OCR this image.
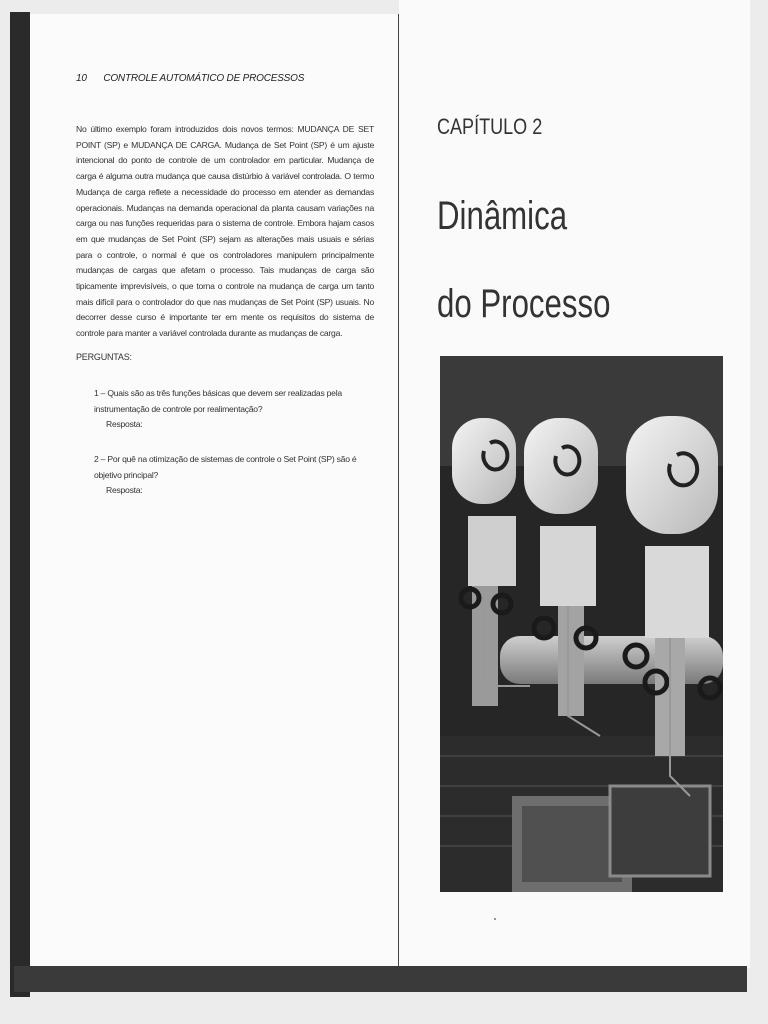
10 CONTROLE AUTOMÁTICO DE PROCESSOS
No último exemplo foram introduzidos dois novos termos: MUDANÇA DE SET POINT (SP) e MUDANÇA DE CARGA. Mudança de Set Point (SP) é um ajuste intencional do ponto de controle de um controlador em particular. Mudança de carga é alguma outra mudança que causa distúrbio à variável controlada. O termo Mudança de carga reflete a necessidade do processo em atender as demandas operacionais. Mudanças na demanda operacional da planta causam variações na carga ou nas funções requeridas para o sistema de controle. Embora hajam casos em que mudanças de Set Point (SP) sejam as alterações mais usuais e sérias para o controle, o normal é que os controladores manipulem principalmente mudanças de cargas que afetam o processo. Tais mudanças de carga são tipicamente imprevisíveis, o que torna o controle na mudança de carga um tanto mais difícil para o controlador do que nas mudanças de Set Point (SP) usuais. No decorrer desse curso é importante ter em mente os requisitos do sistema de controle para manter a variável controlada durante as mudanças de carga.
PERGUNTAS:
1 – Quais são as três funções básicas que devem ser realizadas pela instrumentação de controle por realimentação?
Resposta:
2 – Por quê na otimização de sistemas de controle o Set Point (SP) são é objetivo principal?
Resposta:
CAPÍTULO 2
Dinâmica
do Processo
